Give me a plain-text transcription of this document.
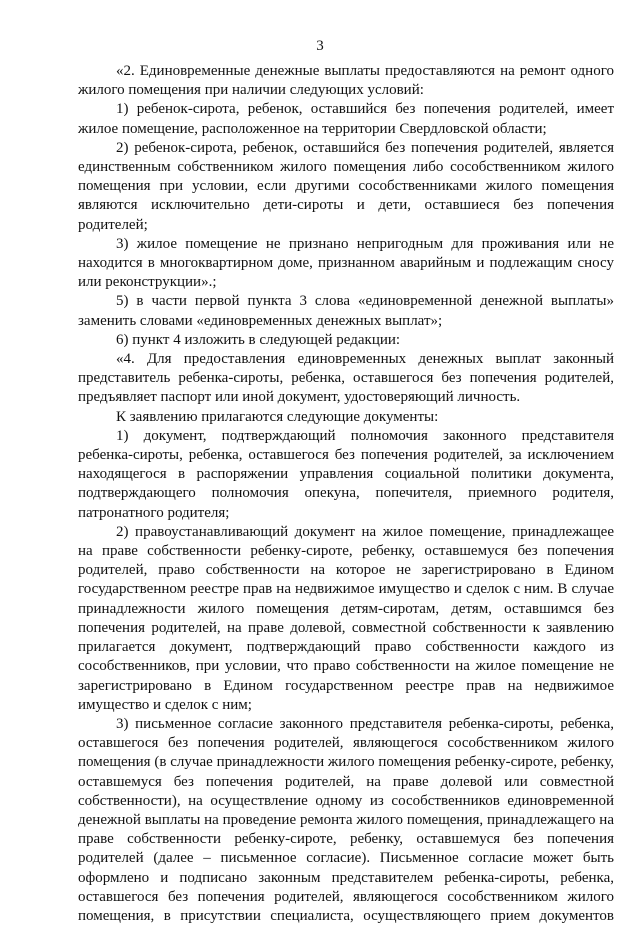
3

«2. Единовременные денежные выплаты предоставляются на ремонт одного жилого помещения при наличии следующих условий:

1) ребенок-сирота, ребенок, оставшийся без попечения родителей, имеет жилое помещение, расположенное на территории Свердловской области;

2) ребенок-сирота, ребенок, оставшийся без попечения родителей, является единственным собственником жилого помещения либо сособственником жилого помещения при условии, если другими сособственниками жилого помещения являются исключительно дети-сироты и дети, оставшиеся без попечения родителей;

3) жилое помещение не признано непригодным для проживания или не находится в многоквартирном доме, признанном аварийным и подлежащим сносу или реконструкции».;

5) в части первой пункта 3 слова «единовременной денежной выплаты» заменить словами «единовременных денежных выплат»;

6) пункт 4 изложить в следующей редакции:

«4. Для предоставления единовременных денежных выплат законный представитель ребенка-сироты, ребенка, оставшегося без попечения родителей, предъявляет паспорт или иной документ, удостоверяющий личность.

К заявлению прилагаются следующие документы:

1) документ, подтверждающий полномочия законного представителя ребенка-сироты, ребенка, оставшегося без попечения родителей, за исключением находящегося в распоряжении управления социальной политики документа, подтверждающего полномочия опекуна, попечителя, приемного родителя, патронатного родителя;

2) правоустанавливающий документ на жилое помещение, принадлежащее на праве собственности ребенку-сироте, ребенку, оставшемуся без попечения родителей, право собственности на которое не зарегистрировано в Едином государственном реестре прав на недвижимое имущество и сделок с ним. В случае принадлежности жилого помещения детям-сиротам, детям, оставшимся без попечения родителей, на праве долевой, совместной собственности к заявлению прилагается документ, подтверждающий право собственности каждого из сособственников, при условии, что право собственности на жилое помещение не зарегистрировано в Едином государственном реестре прав на недвижимое имущество и сделок с ним;

3) письменное согласие законного представителя ребенка-сироты, ребенка, оставшегося без попечения родителей, являющегося сособственником жилого помещения (в случае принадлежности жилого помещения ребенку-сироте, ребенку, оставшемуся без попечения родителей, на праве долевой или совместной собственности), на осуществление одному из сособственников единовременной денежной выплаты на проведение ремонта жилого помещения, принадлежащего на праве собственности ребенку-сироте, ребенку, оставшемуся без попечения родителей (далее – письменное согласие). Письменное согласие может быть оформлено и подписано законным представителем ребенка-сироты, ребенка, оставшегося без попечения родителей, являющегося сособственником жилого помещения, в присутствии специалиста, осуществляющего прием документов
